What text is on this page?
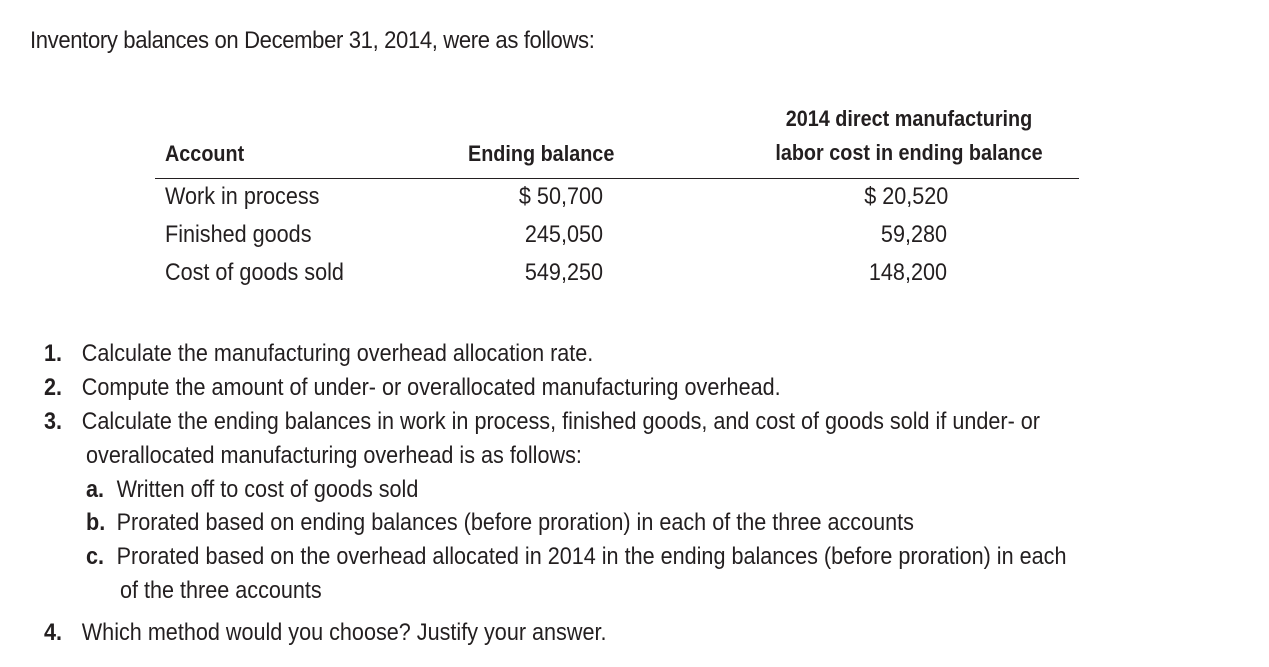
Inventory balances on December 31, 2014, were as follows:
Account	Ending balance
2014 direct manufacturing
labor cost in ending balance
Work in process	$ 50,700	$ 20,520
Finished goods	245,050	59,280
Cost of goods sold	549,250	148,200
1. Calculate the manufacturing overhead allocation rate.
2. Compute the amount of under- or overallocated manufacturing overhead.
3. Calculate the ending balances in work in process, finished goods, and cost of goods sold if under- or
overallocated manufacturing overhead is as follows:
a. Written off to cost of goods sold
b. Prorated based on ending balances (before proration) in each of the three accounts
c. Prorated based on the overhead allocated in 2014 in the ending balances (before proration) in each
of the three accounts
4. Which method would you choose? Justify your answer.
